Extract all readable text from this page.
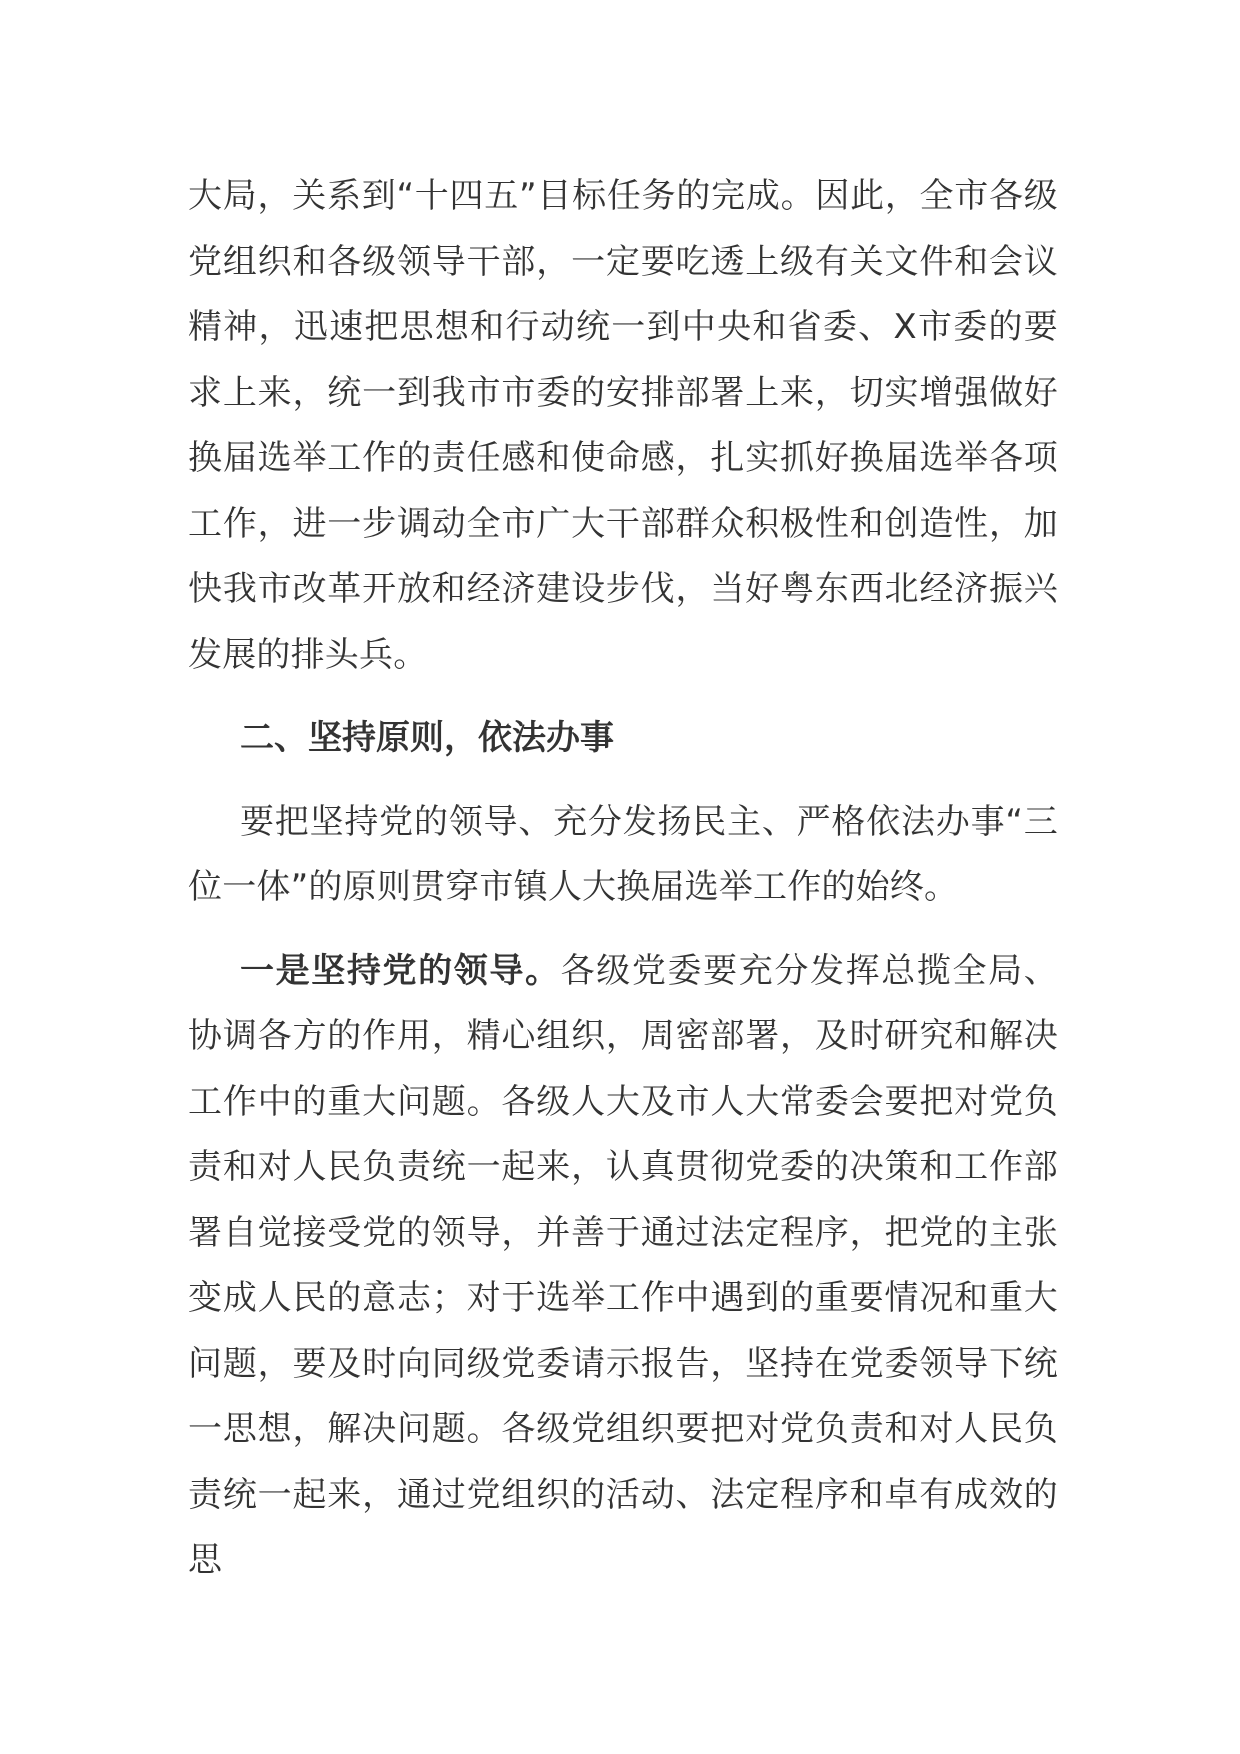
大局，关系到“十四五”目标任务的完成。因此，全市各级党组织和各级领导干部，一定要吃透上级有关文件和会议精神，迅速把思想和行动统一到中央和省委、X市委的要求上来，统一到我市市委的安排部署上来，切实增强做好换届选举工作的责任感和使命感，扎实抓好换届选举各项工作，进一步调动全市广大干部群众积极性和创造性，加快我市改革开放和经济建设步伐，当好粤东西北经济振兴发展的排头兵。

二、坚持原则，依法办事

要把坚持党的领导、充分发扬民主、严格依法办事“三位一体”的原则贯穿市镇人大换届选举工作的始终。

一是坚持党的领导。各级党委要充分发挥总揽全局、协调各方的作用，精心组织，周密部署，及时研究和解决工作中的重大问题。各级人大及市人大常委会要把对党负责和对人民负责统一起来，认真贯彻党委的决策和工作部署自觉接受党的领导，并善于通过法定程序，把党的主张变成人民的意志；对于选举工作中遇到的重要情况和重大问题，要及时向同级党委请示报告，坚持在党委领导下统一思想，解决问题。各级党组织要把对党负责和对人民负责统一起来，通过党组织的活动、法定程序和卓有成效的思
